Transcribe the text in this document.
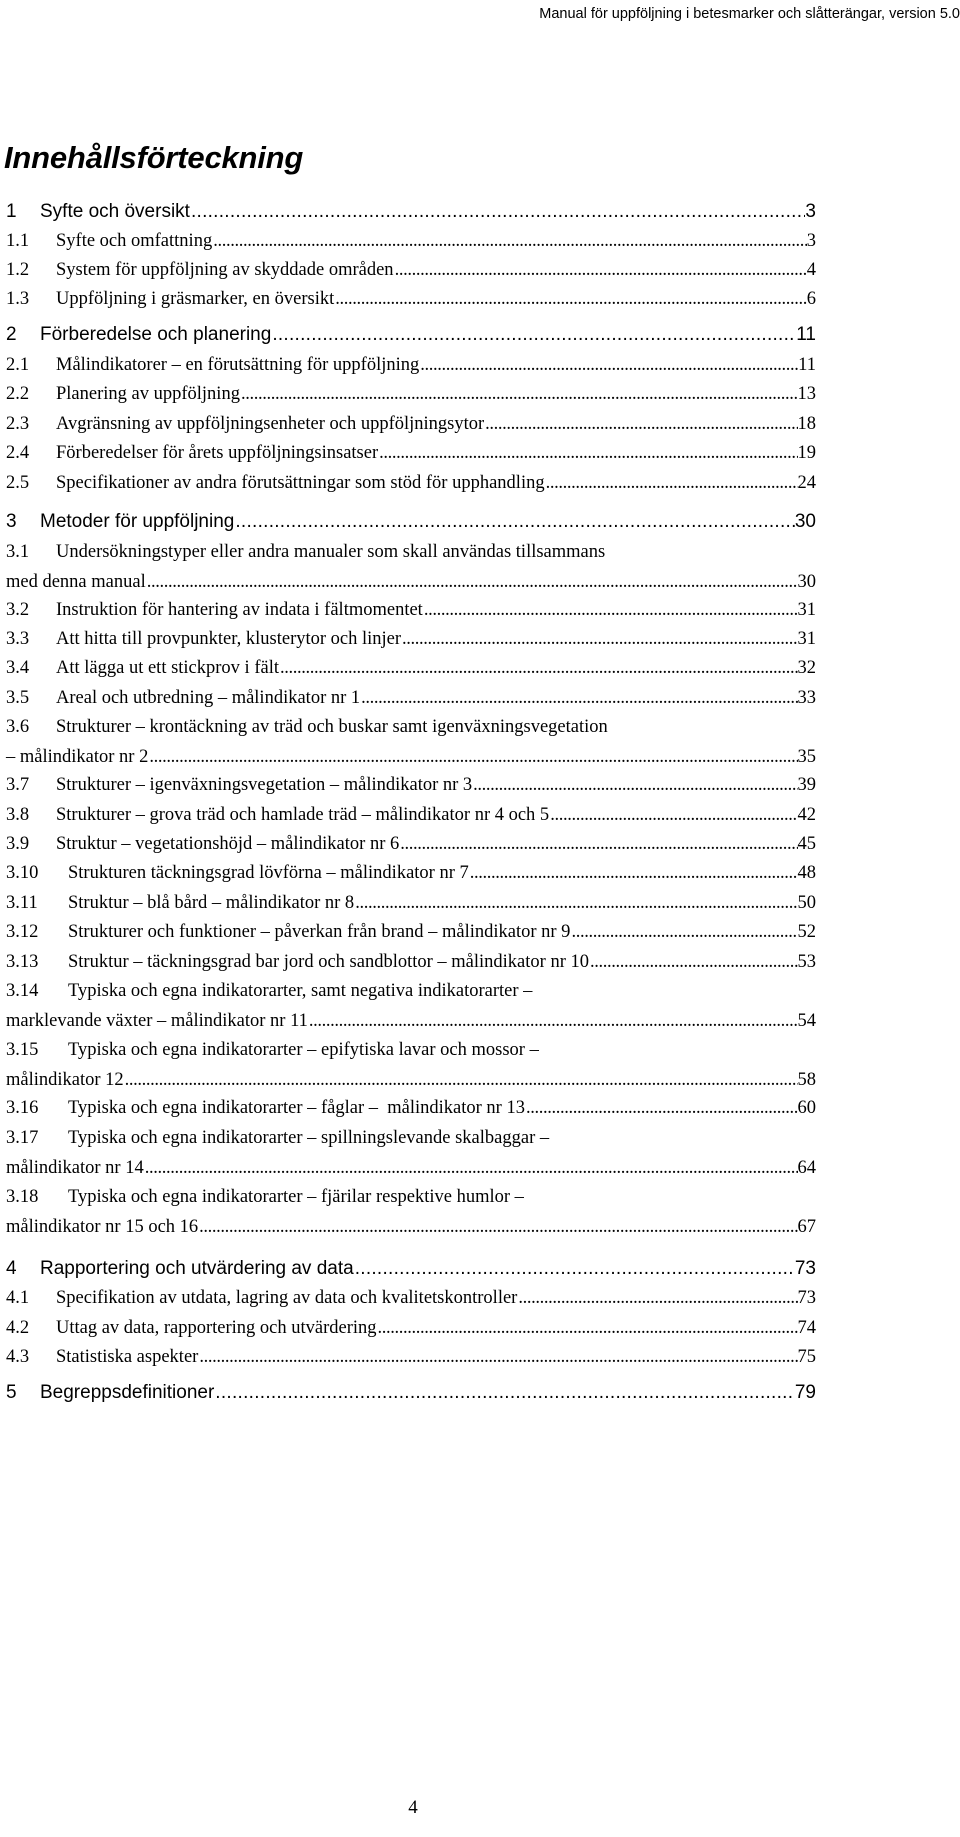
Manual för uppföljning i betesmarker och slåtterängar, version 5.0
Innehållsförteckning
1	Syfte och översikt . . .	3
1.1	Syfte och omfattning . . .	3
1.2	System för uppföljning av skyddade områden . . .	4
1.3	Uppföljning i gräsmarker, en översikt . . .	6
2	Förberedelse och planering . . .	11
2.1	Målindikatorer – en förutsättning för uppföljning . . .	11
2.2	Planering av uppföljning . . .	13
2.3	Avgränsning av uppföljningsenheter och uppföljningsytor . . .	18
2.4	Förberedelser för årets uppföljningsinsatser . . .	19
2.5	Specifikationer av andra förutsättningar som stöd för upphandling . . .	24
3	Metoder för uppföljning . . .	30
3.1 Undersökningstyper eller andra manualer som skall användas tillsammans
med denna manual . . .	30
3.2	Instruktion för hantering av indata i fältmomentet . . .	31
3.3	Att hitta till provpunkter, klusterytor och linjer . . .	31
3.4	Att lägga ut ett stickprov i fält . . .	32
3.5	Areal och utbredning – målindikator nr 1 . . .	33
3.6 Strukturer – krontäckning av träd och buskar samt igenväxningsvegetation
– målindikator nr 2 . . .	35
3.7	Strukturer – igenväxningsvegetation – målindikator nr 3 . . .	39
3.8	Strukturer – grova träd och hamlade träd – målindikator nr 4 och 5 . . .	42
3.9	Struktur – vegetationshöjd – målindikator nr 6 . . .	45
3.10	Strukturen täckningsgrad lövförna – målindikator nr 7 . . .	48
3.11	Struktur – blå bård – målindikator nr 8 . . .	50
3.12	Strukturer och funktioner – påverkan från brand – målindikator nr 9 . . .	52
3.13	Struktur – täckningsgrad bar jord och sandblottor – målindikator nr 10 . . .	53
3.14 Typiska och egna indikatorarter, samt negativa indikatorarter –
marklevande växter – målindikator nr 11 . . .	54
3.15 Typiska och egna indikatorarter – epifytiska lavar och mossor –
målindikator 12 . . .	58
3.16	Typiska och egna indikatorarter – fåglar –  målindikator nr 13 . . .	60
3.17 Typiska och egna indikatorarter – spillningslevande skalbaggar –
målindikator nr 14 . . .	64
3.18 Typiska och egna indikatorarter – fjärilar respektive humlor –
målindikator nr 15 och 16 . . .	67
4	Rapportering och utvärdering av data . . .	73
4.1	Specifikation av utdata, lagring av data och kvalitetskontroller . . .	73
4.2	Uttag av data, rapportering och utvärdering . . .	74
4.3	Statistiska aspekter . . .	75
5	Begreppsdefinitioner . . .	79
4
